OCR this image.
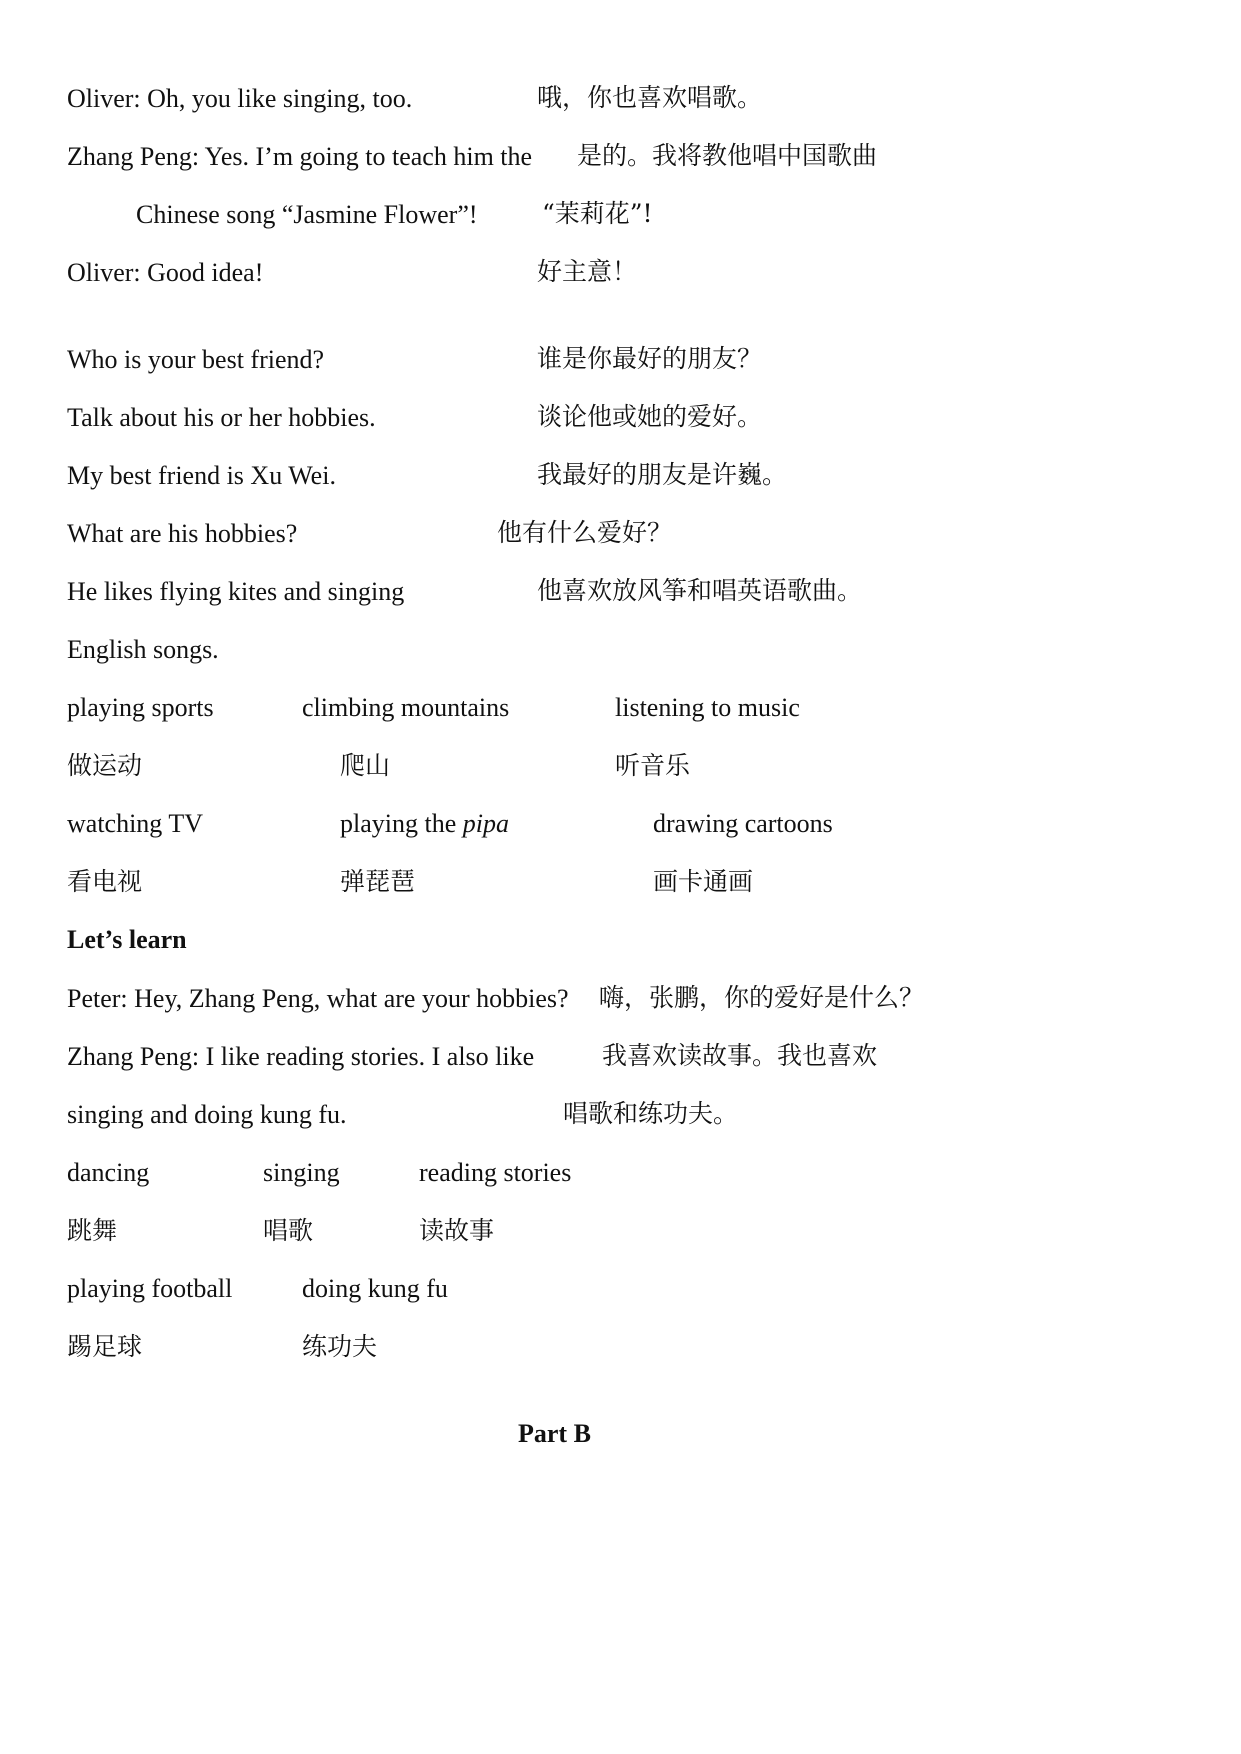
Oliver: Oh, you like singing, too.	哦，你也喜欢唱歌。
Zhang Peng: Yes. I’m going to teach him the 是的。我将教他唱中国歌曲
Chinese song “Jasmine Flower”!	“茉莉花”!
Oliver: Good idea!	好主意！
Who is your best friend?	谁是你最好的朋友？
Talk about his or her hobbies.	谈论他或她的爱好。
My best friend is Xu Wei.	我最好的朋友是许巍。
What are his hobbies?	他有什么爱好？
He likes flying kites and singing	他喜欢放风筝和唱英语歌曲。
English songs.
playing sports	climbing mountains	listening to music
做运动	爬山	听音乐
watching TV	playing the pipa	drawing cartoons
看电视	弹琵琶	画卡通画
Let’s learn
Peter: Hey, Zhang Peng, what are your hobbies? 嗨，张鹏，你的爱好是什么？
Zhang Peng: I like reading stories. I also like	我喜欢读故事。我也喜欢
singing and doing kung fu.	唱歌和练功夫。
dancing	singing	reading stories
跳舞	唱歌	读故事
playing football	doing kung fu
踢足球	练功夫
Part B
